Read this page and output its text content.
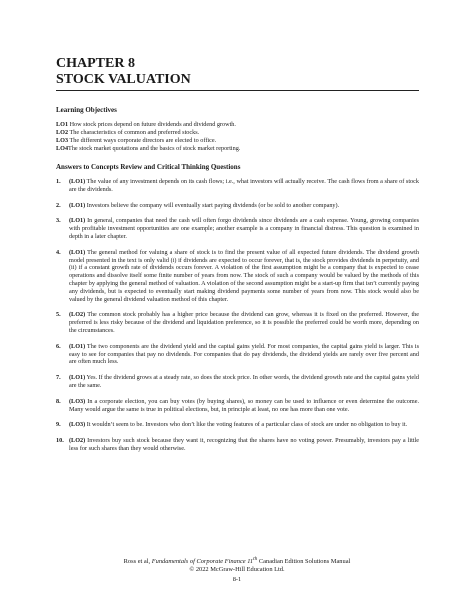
CHAPTER 8
STOCK VALUATION
Learning Objectives
LO1 How stock prices depend on future dividends and dividend growth.
LO2 The characteristics of common and preferred stocks.
LO3 The different ways corporate directors are elected to office.
LO4The stock market quotations and the basics of stock market reporting.
Answers to Concepts Review and Critical Thinking Questions
1.	(LO1) The value of any investment depends on its cash flows; i.e., what investors will actually receive. The cash flows from a share of stock are the dividends.
2.	(LO1) Investors believe the company will eventually start paying dividends (or be sold to another company).
3.	(LO1) In general, companies that need the cash will often forgo dividends since dividends are a cash expense. Young, growing companies with profitable investment opportunities are one example; another example is a company in financial distress. This question is examined in depth in a later chapter.
4.	(LO1) The general method for valuing a share of stock is to find the present value of all expected future dividends. The dividend growth model presented in the text is only valid (i) if dividends are expected to occur forever, that is, the stock provides dividends in perpetuity, and (ii) if a constant growth rate of dividends occurs forever. A violation of the first assumption might be a company that is expected to cease operations and dissolve itself some finite number of years from now. The stock of such a company would be valued by the methods of this chapter by applying the general method of valuation. A violation of the second assumption might be a start-up firm that isn’t currently paying any dividends, but is expected to eventually start making dividend payments some number of years from now. This stock would also be valued by the general dividend valuation method of this chapter.
5.	(LO2) The common stock probably has a higher price because the dividend can grow, whereas it is fixed on the preferred. However, the preferred is less risky because of the dividend and liquidation preference, so it is possible the preferred could be worth more, depending on the circumstances.
6.	(LO1) The two components are the dividend yield and the capital gains yield. For most companies, the capital gains yield is larger. This is easy to see for companies that pay no dividends. For companies that do pay dividends, the dividend yields are rarely over five percent and are often much less.
7.	(LO1) Yes. If the dividend grows at a steady rate, so does the stock price. In other words, the dividend growth rate and the capital gains yield are the same.
8.	(LO3) In a corporate election, you can buy votes (by buying shares), so money can be used to influence or even determine the outcome. Many would argue the same is true in political elections, but, in principle at least, no one has more than one vote.
9.	(LO3) It wouldn’t seem to be. Investors who don’t like the voting features of a particular class of stock are under no obligation to buy it.
10. (LO2) Investors buy such stock because they want it, recognizing that the shares have no voting power. Presumably, investors pay a little less for such shares than they would otherwise.
Ross et al, Fundamentals of Corporate Finance 11th Canadian Edition Solutions Manual
© 2022 McGraw-Hill Education Ltd.
8-1
